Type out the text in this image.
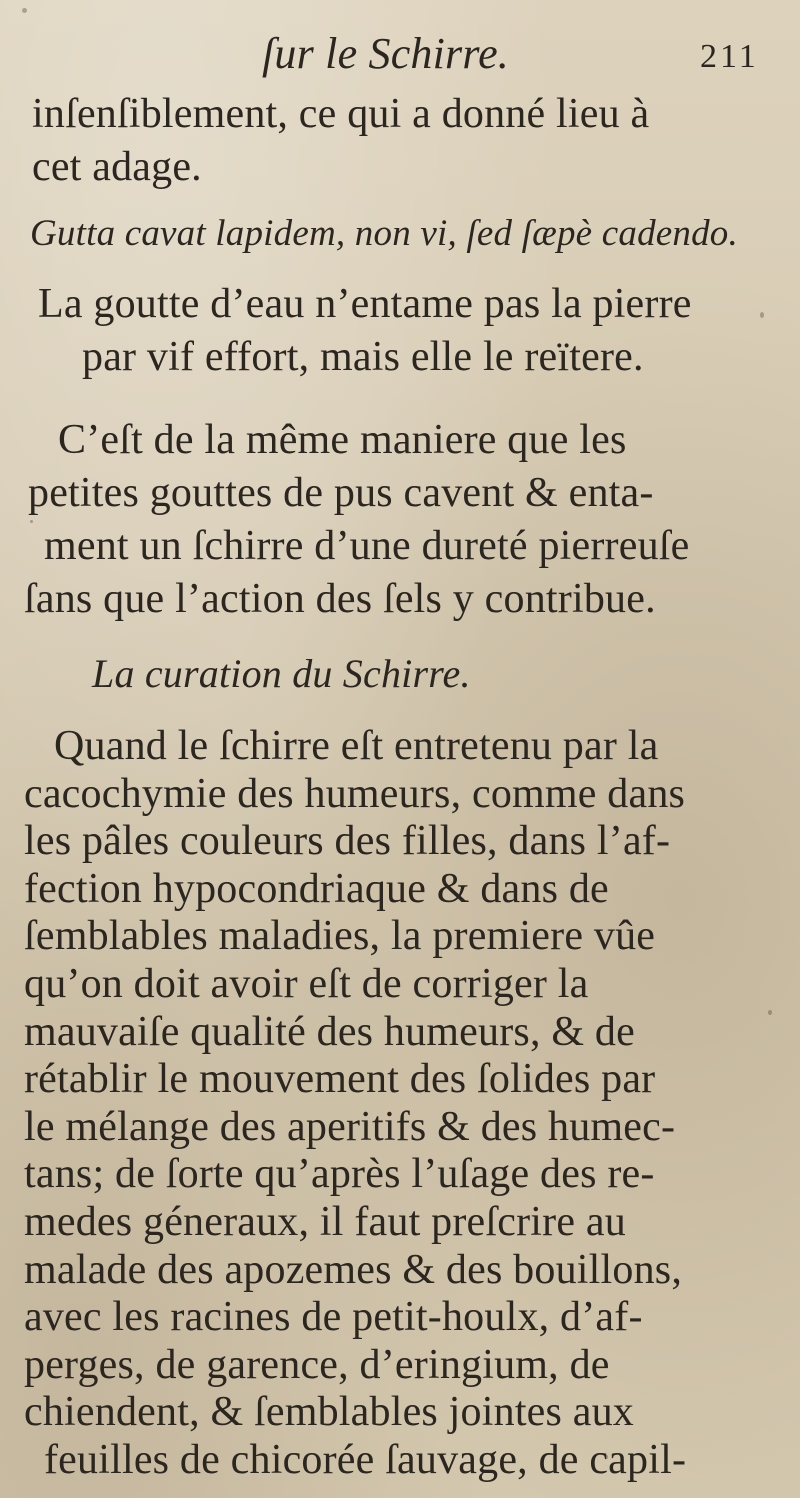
ſur le Schirre.	211
inſenſiblement, ce qui a donné lieu à
cet adage.
Gutta cavat lapidem, non vi, ſed ſæpè cadendo.
La goutte d’eau n’entame pas la pierre
par vif effort, mais elle le reïtere.
C’eſt de la même maniere que les
petites gouttes de pus cavent & enta-
ment un ſchirre d’une dureté pierreuſe
ſans que l’action des ſels y contribue.
La curation du Schirre.
Quand le ſchirre eſt entretenu par la
cacochymie des humeurs, comme dans
les pâles couleurs des filles, dans l’af-
fection hypocondriaque & dans de
ſemblables maladies, la premiere vûe
qu’on doit avoir eſt de corriger la
mauvaiſe qualité des humeurs, & de
rétablir le mouvement des ſolides par
le mélange des aperitifs & des humec-
tans; de ſorte qu’après l’uſage des re-
medes géneraux, il faut preſcrire au
malade des apozemes & des bouillons,
avec les racines de petit-houlx, d’af-
perges, de garence, d’eringium, de
chiendent, & ſemblables jointes aux
feuilles de chicorée ſauvage, de capil-
